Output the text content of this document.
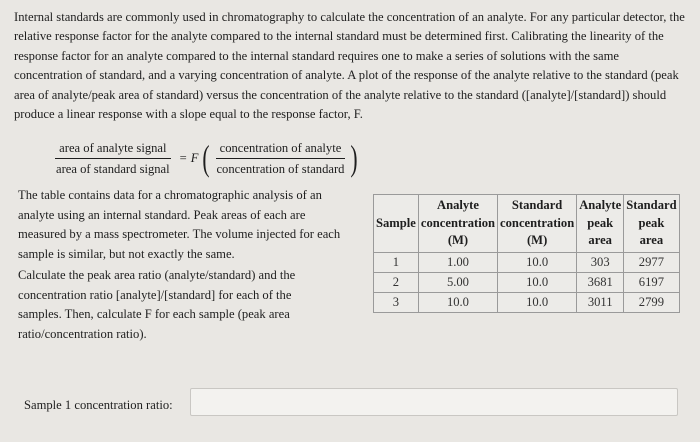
Internal standards are commonly used in chromatography to calculate the concentration of an analyte. For any particular detector, the relative response factor for the analyte compared to the internal standard must be determined first. Calibrating the linearity of the response factor for an analyte compared to the internal standard requires one to make a series of solutions with the same concentration of standard, and a varying concentration of analyte. A plot of the response of the analyte relative to the standard (peak area of analyte/peak area of standard) versus the concentration of the analyte relative to the standard ([analyte]/[standard]) should produce a linear response with a slope equal to the response factor, F.

$\frac{\text{area of analyte signal}}{\text{area of standard signal}} = F$ ( $\frac{\text{concentration of analyte}}{\text{concentration of standard}}$ )

The table contains data for a chromatographic analysis of an analyte using an internal standard. Peak areas of each are measured by a mass spectrometer. The volume injected for each sample is similar, but not exactly the same.

Calculate the peak area ratio (analyte/standard) and the concentration ratio [analyte]/[standard] for each of the samples. Then, calculate F for each sample (peak area ratio/concentration ratio).

Sample	Analyte
concentration
(M)	Standard
concentration
(M)	Analyte
peak
area	Standard
peak
area
1	1.00	10.0	303	2977
2	5.00	10.0	3681	6197
3	10.0	10.0	3011	2799
Sample 1 concentration ratio:
